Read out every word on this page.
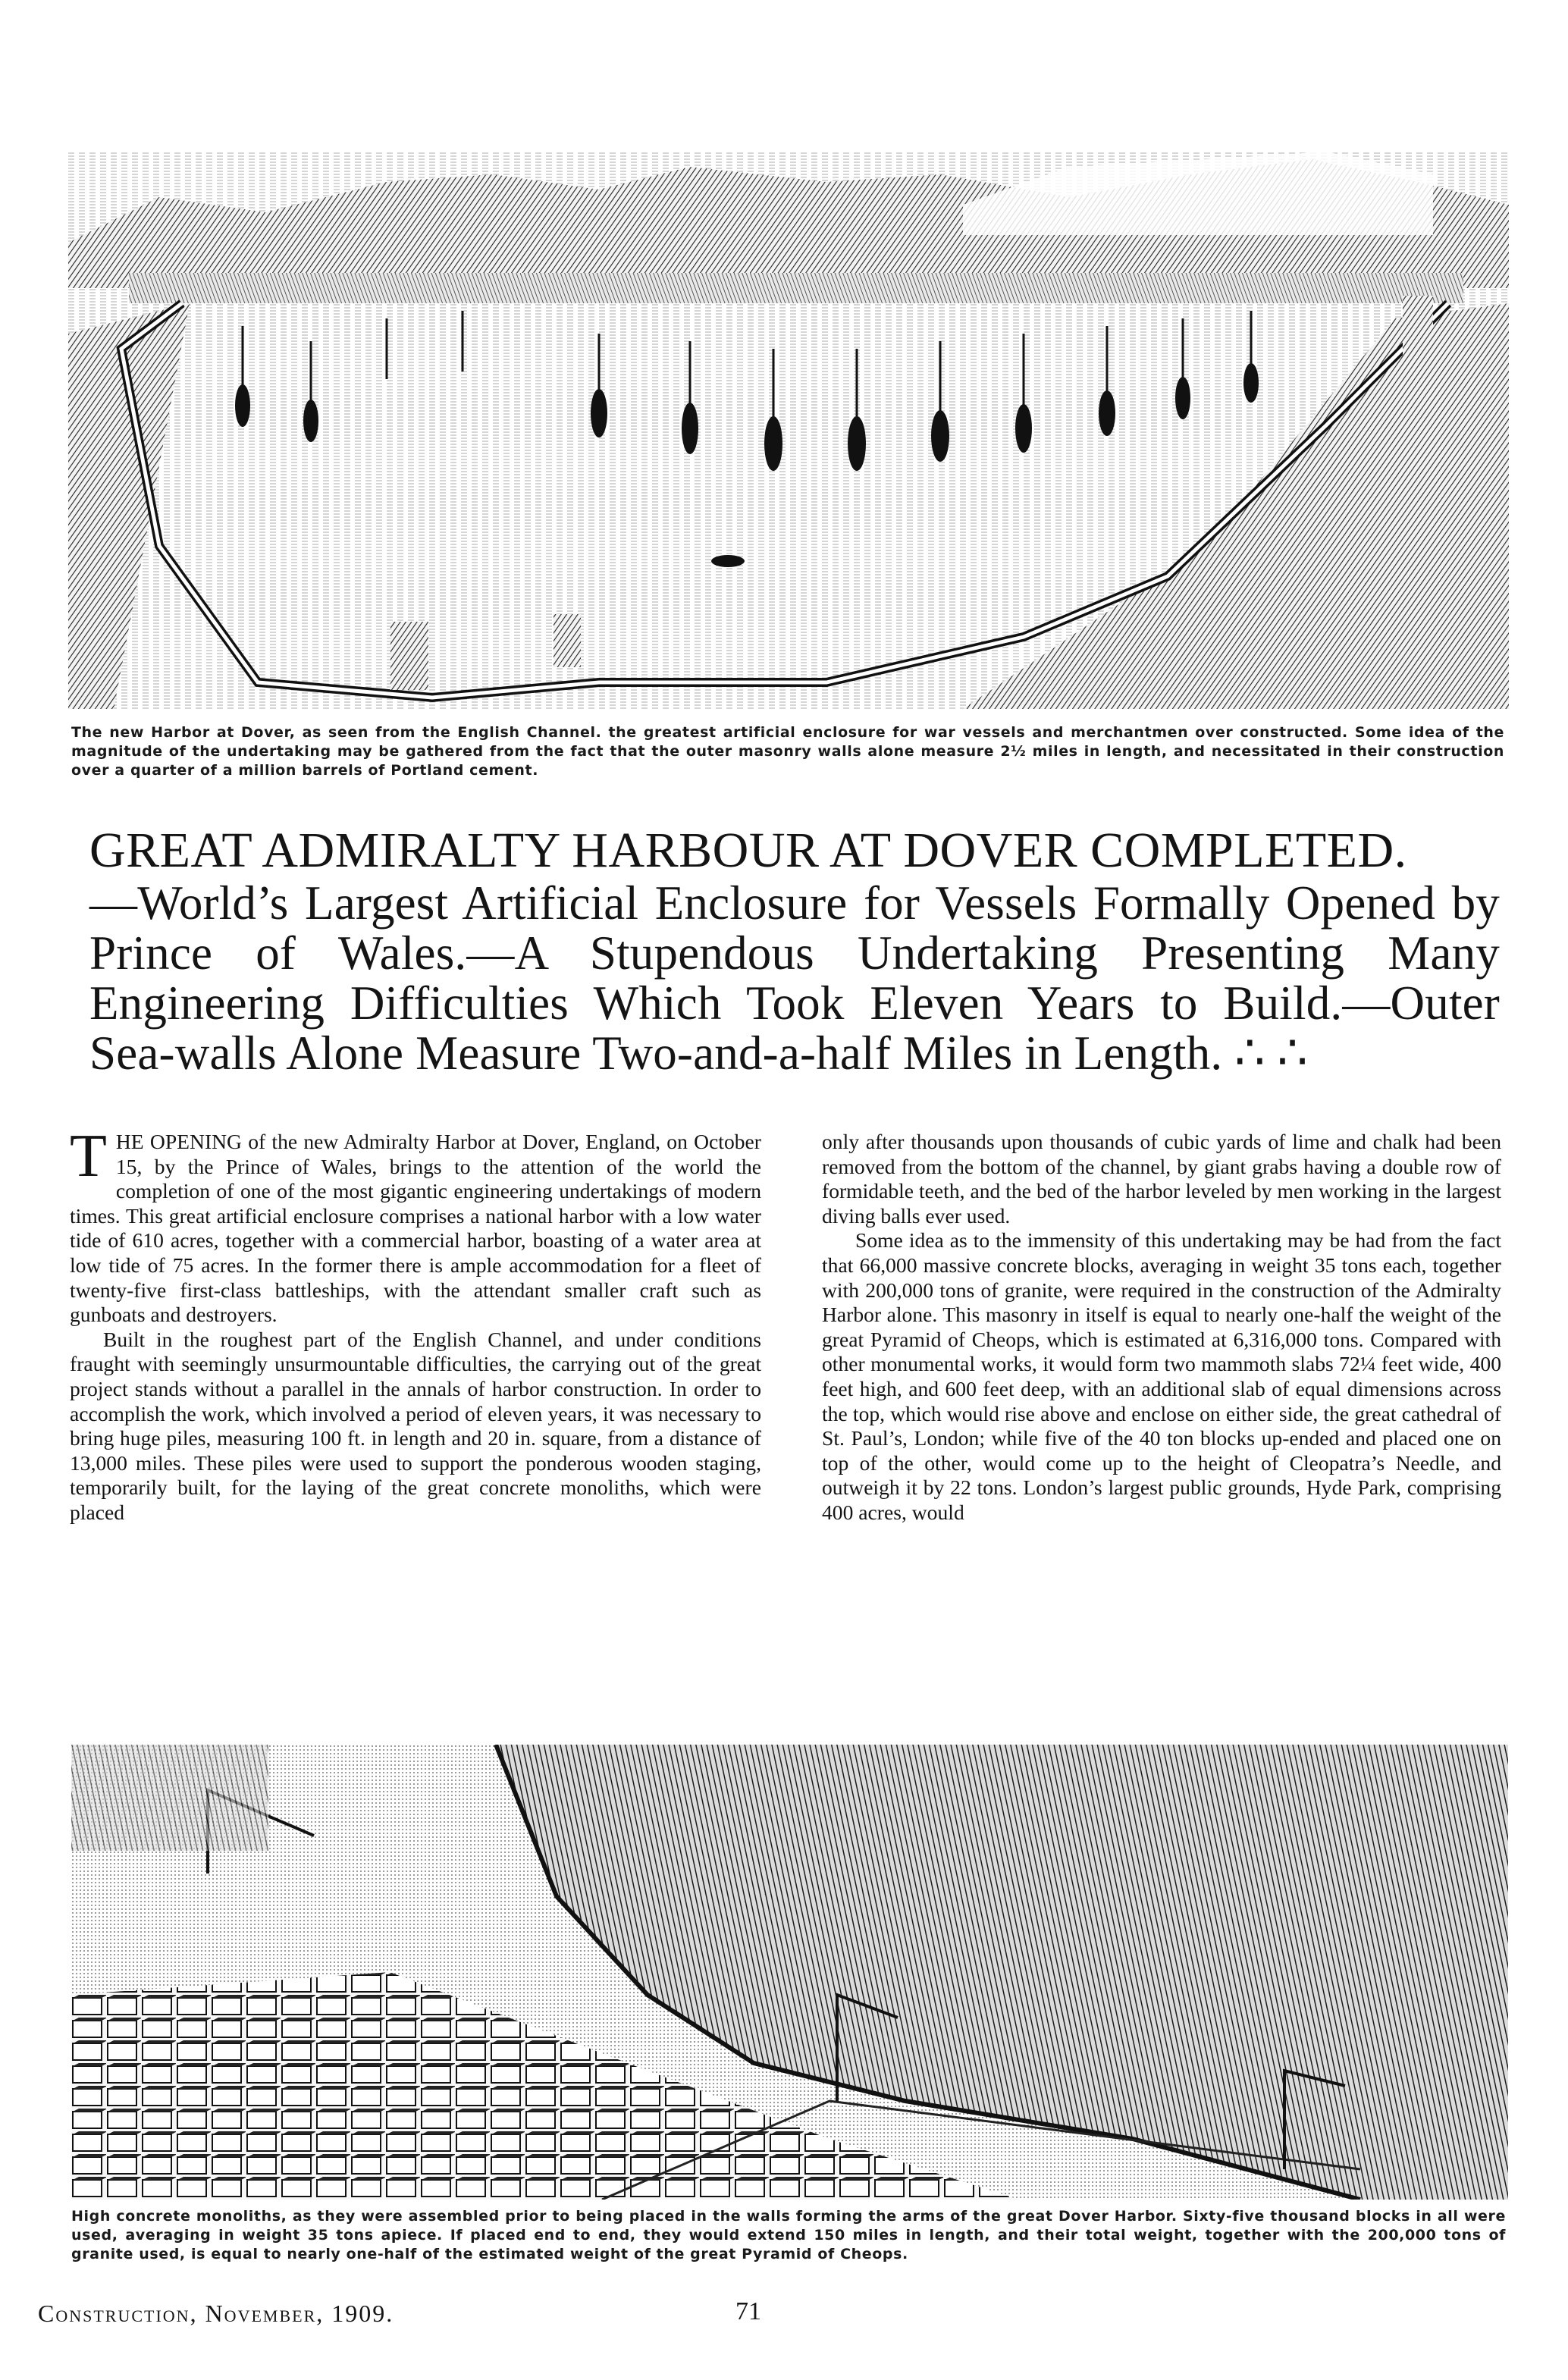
The new Harbor at Dover, as seen from the English Channel. the greatest artificial enclosure for war vessels and merchantmen over constructed. Some idea of the magnitude of the undertaking may be gathered from the fact that the outer masonry walls alone measure 2½ miles in length, and necessitated in their construction over a quarter of a million barrels of Portland cement.

GREAT ADMIRALTY HARBOUR AT DOVER COMPLETED.

—World’s Largest Artificial Enclosure for Vessels Formally Opened by Prince of Wales.—A Stupendous Undertaking Presenting Many Engineering Difficulties Which Took Eleven Years to Build.—Outer Sea-walls Alone Measure Two-and-a-half Miles in Length. ∴ ∴

THE OPENING of the new Admiralty Harbor at Dover, England, on October 15, by the Prince of Wales, brings to the attention of the world the completion of one of the most gigantic engineering undertakings of modern times. This great artificial enclosure comprises a national harbor with a low water tide of 610 acres, together with a commercial harbor, boasting of a water area at low tide of 75 acres. In the former there is ample accommodation for a fleet of twenty-five first-class battleships, with the attendant smaller craft such as gunboats and destroyers.

Built in the roughest part of the English Channel, and under conditions fraught with seemingly unsurmountable difficulties, the carrying out of the great project stands without a parallel in the annals of harbor construction. In order to accomplish the work, which involved a period of eleven years, it was necessary to bring huge piles, measuring 100 ft. in length and 20 in. square, from a distance of 13,000 miles. These piles were used to support the ponderous wooden staging, temporarily built, for the laying of the great concrete monoliths, which were placed

only after thousands upon thousands of cubic yards of lime and chalk had been removed from the bottom of the channel, by giant grabs having a double row of formidable teeth, and the bed of the harbor leveled by men working in the largest diving balls ever used.

Some idea as to the immensity of this undertaking may be had from the fact that 66,000 massive concrete blocks, averaging in weight 35 tons each, together with 200,000 tons of granite, were required in the construction of the Admiralty Harbor alone. This masonry in itself is equal to nearly one-half the weight of the great Pyramid of Cheops, which is estimated at 6,316,000 tons. Compared with other monumental works, it would form two mammoth slabs 72¼ feet wide, 400 feet high, and 600 feet deep, with an additional slab of equal dimensions across the top, which would rise above and enclose on either side, the great cathedral of St. Paul’s, London; while five of the 40 ton blocks up-ended and placed one on top of the other, would come up to the height of Cleopatra’s Needle, and outweigh it by 22 tons. London’s largest public grounds, Hyde Park, comprising 400 acres, would

High concrete monoliths, as they were assembled prior to being placed in the walls forming the arms of the great Dover Harbor. Sixty-five thousand blocks in all were used, averaging in weight 35 tons apiece. If placed end to end, they would extend 150 miles in length, and their total weight, together with the 200,000 tons of granite used, is equal to nearly one-half of the estimated weight of the great Pyramid of Cheops.

Construction, November, 1909.	71
